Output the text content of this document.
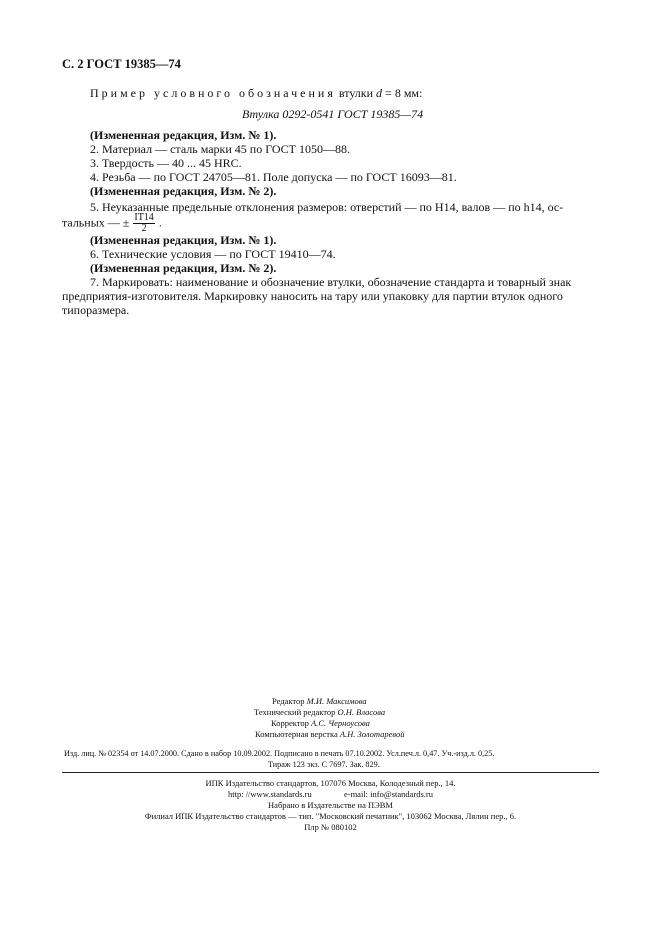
С. 2 ГОСТ 19385—74
Пример условного обозначения втулки d = 8 мм:
Втулка 0292-0541 ГОСТ 19385—74
(Измененная редакция, Изм. № 1).
2. Материал — сталь марки 45 по ГОСТ 1050—88.
3. Твердость — 40 ... 45 HRC.
4. Резьба — по ГОСТ 24705—81. Поле допуска — по ГОСТ 16093—81.
(Измененная редакция, Изм. № 2).
5. Неуказанные предельные отклонения размеров: отверстий — по Н14, валов — по h14, ос-
тальных — ± $\frac{IT14}{2}$ .
(Измененная редакция, Изм. № 1).
6. Технические условия — по ГОСТ 19410—74.
(Измененная редакция, Изм. № 2).
7. Маркировать: наименование и обозначение втулки, обозначение стандарта и товарный знак
предприятия-изготовителя. Маркировку наносить на тару или упаковку для партии втулок одного
типоразмера.
Редактор М.И. Максимова
Технический редактор О.Н. Власова
Корректор А.С. Черноусова
Компьютерная верстка А.Н. Золотаревой
Изд. лиц. № 02354 от 14.07.2000. Сдано в набор 10.09.2002. Подписано в печать 07.10.2002. Усл.печ.л. 0,47. Уч.-изд.л. 0,25.
Тираж 123 экз. С 7697. Зак. 829.
ИПК Издательство стандартов, 107076 Москва, Колодезный пер., 14.
http: //www.standards.ru	e-mail: info@standards.ru
Набрано в Издательстве на ПЭВМ
Филиал ИПК Издательство стандартов — тип. "Московский печатник", 103062 Москва, Лялин пер., 6.
Плр № 080102
